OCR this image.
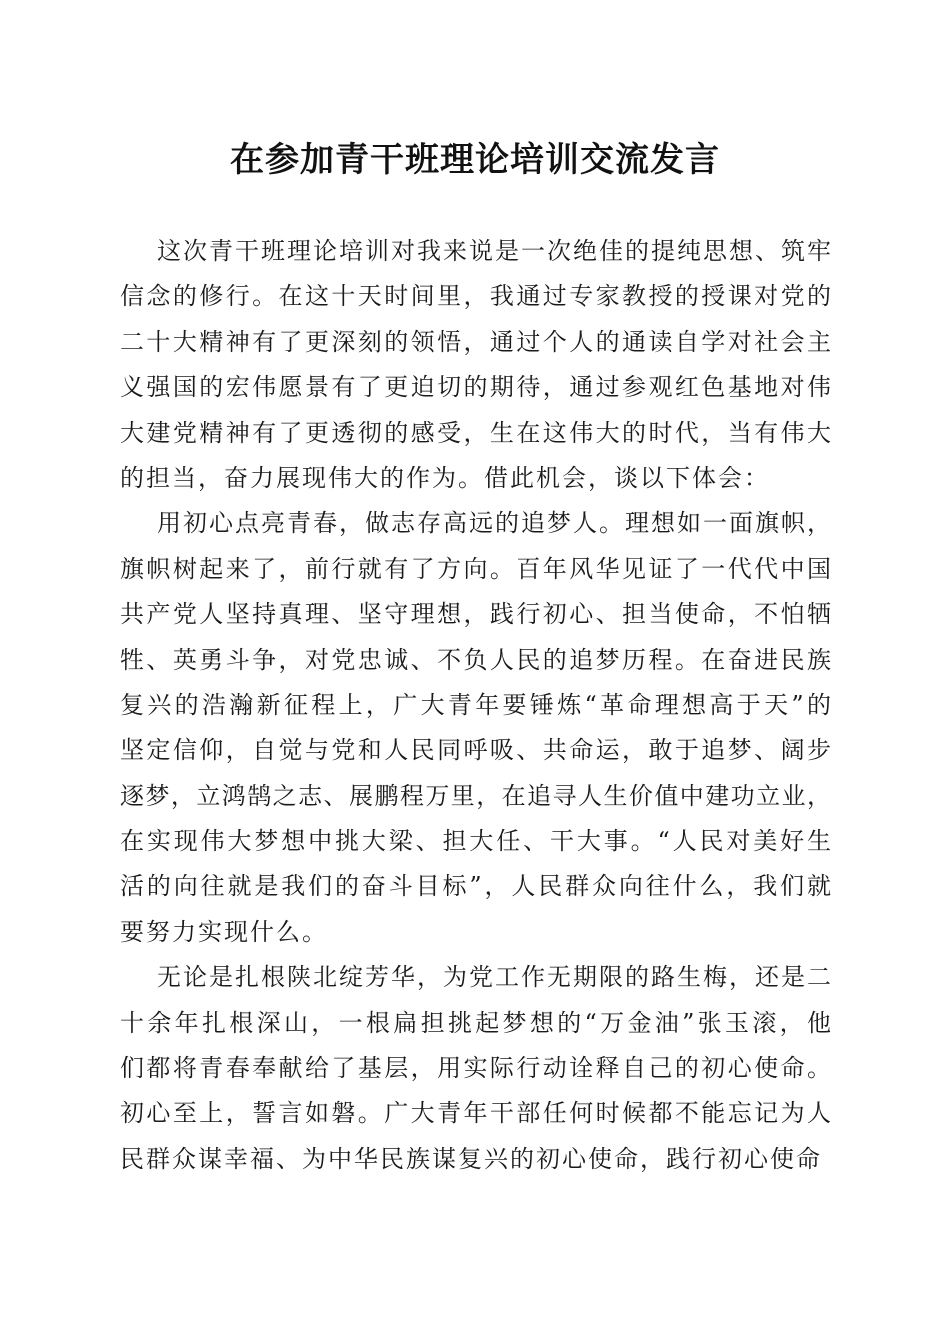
在参加青干班理论培训交流发言
这次青干班理论培训对我来说是一次绝佳的提纯思想、筑牢
信念的修行。在这十天时间里，我通过专家教授的授课对党的
二十大精神有了更深刻的领悟，通过个人的通读自学对社会主
义强国的宏伟愿景有了更迫切的期待，通过参观红色基地对伟
大建党精神有了更透彻的感受，生在这伟大的时代，当有伟大
的担当，奋力展现伟大的作为。借此机会，谈以下体会：
用初心点亮青春，做志存高远的追梦人。理想如一面旗帜，
旗帜树起来了，前行就有了方向。百年风华见证了一代代中国
共产党人坚持真理、坚守理想，践行初心、担当使命，不怕牺
牲、英勇斗争，对党忠诚、不负人民的追梦历程。在奋进民族
复兴的浩瀚新征程上，广大青年要锤炼“革命理想高于天”的
坚定信仰，自觉与党和人民同呼吸、共命运，敢于追梦、阔步
逐梦，立鸿鹄之志、展鹏程万里，在追寻人生价值中建功立业，
在实现伟大梦想中挑大梁、担大任、干大事。“人民对美好生
活的向往就是我们的奋斗目标”，人民群众向往什么，我们就
要努力实现什么。
无论是扎根陕北绽芳华，为党工作无期限的路生梅，还是二
十余年扎根深山，一根扁担挑起梦想的“万金油”张玉滚，他
们都将青春奉献给了基层，用实际行动诠释自己的初心使命。
初心至上，誓言如磐。广大青年干部任何时候都不能忘记为人
民群众谋幸福、为中华民族谋复兴的初心使命，践行初心使命
